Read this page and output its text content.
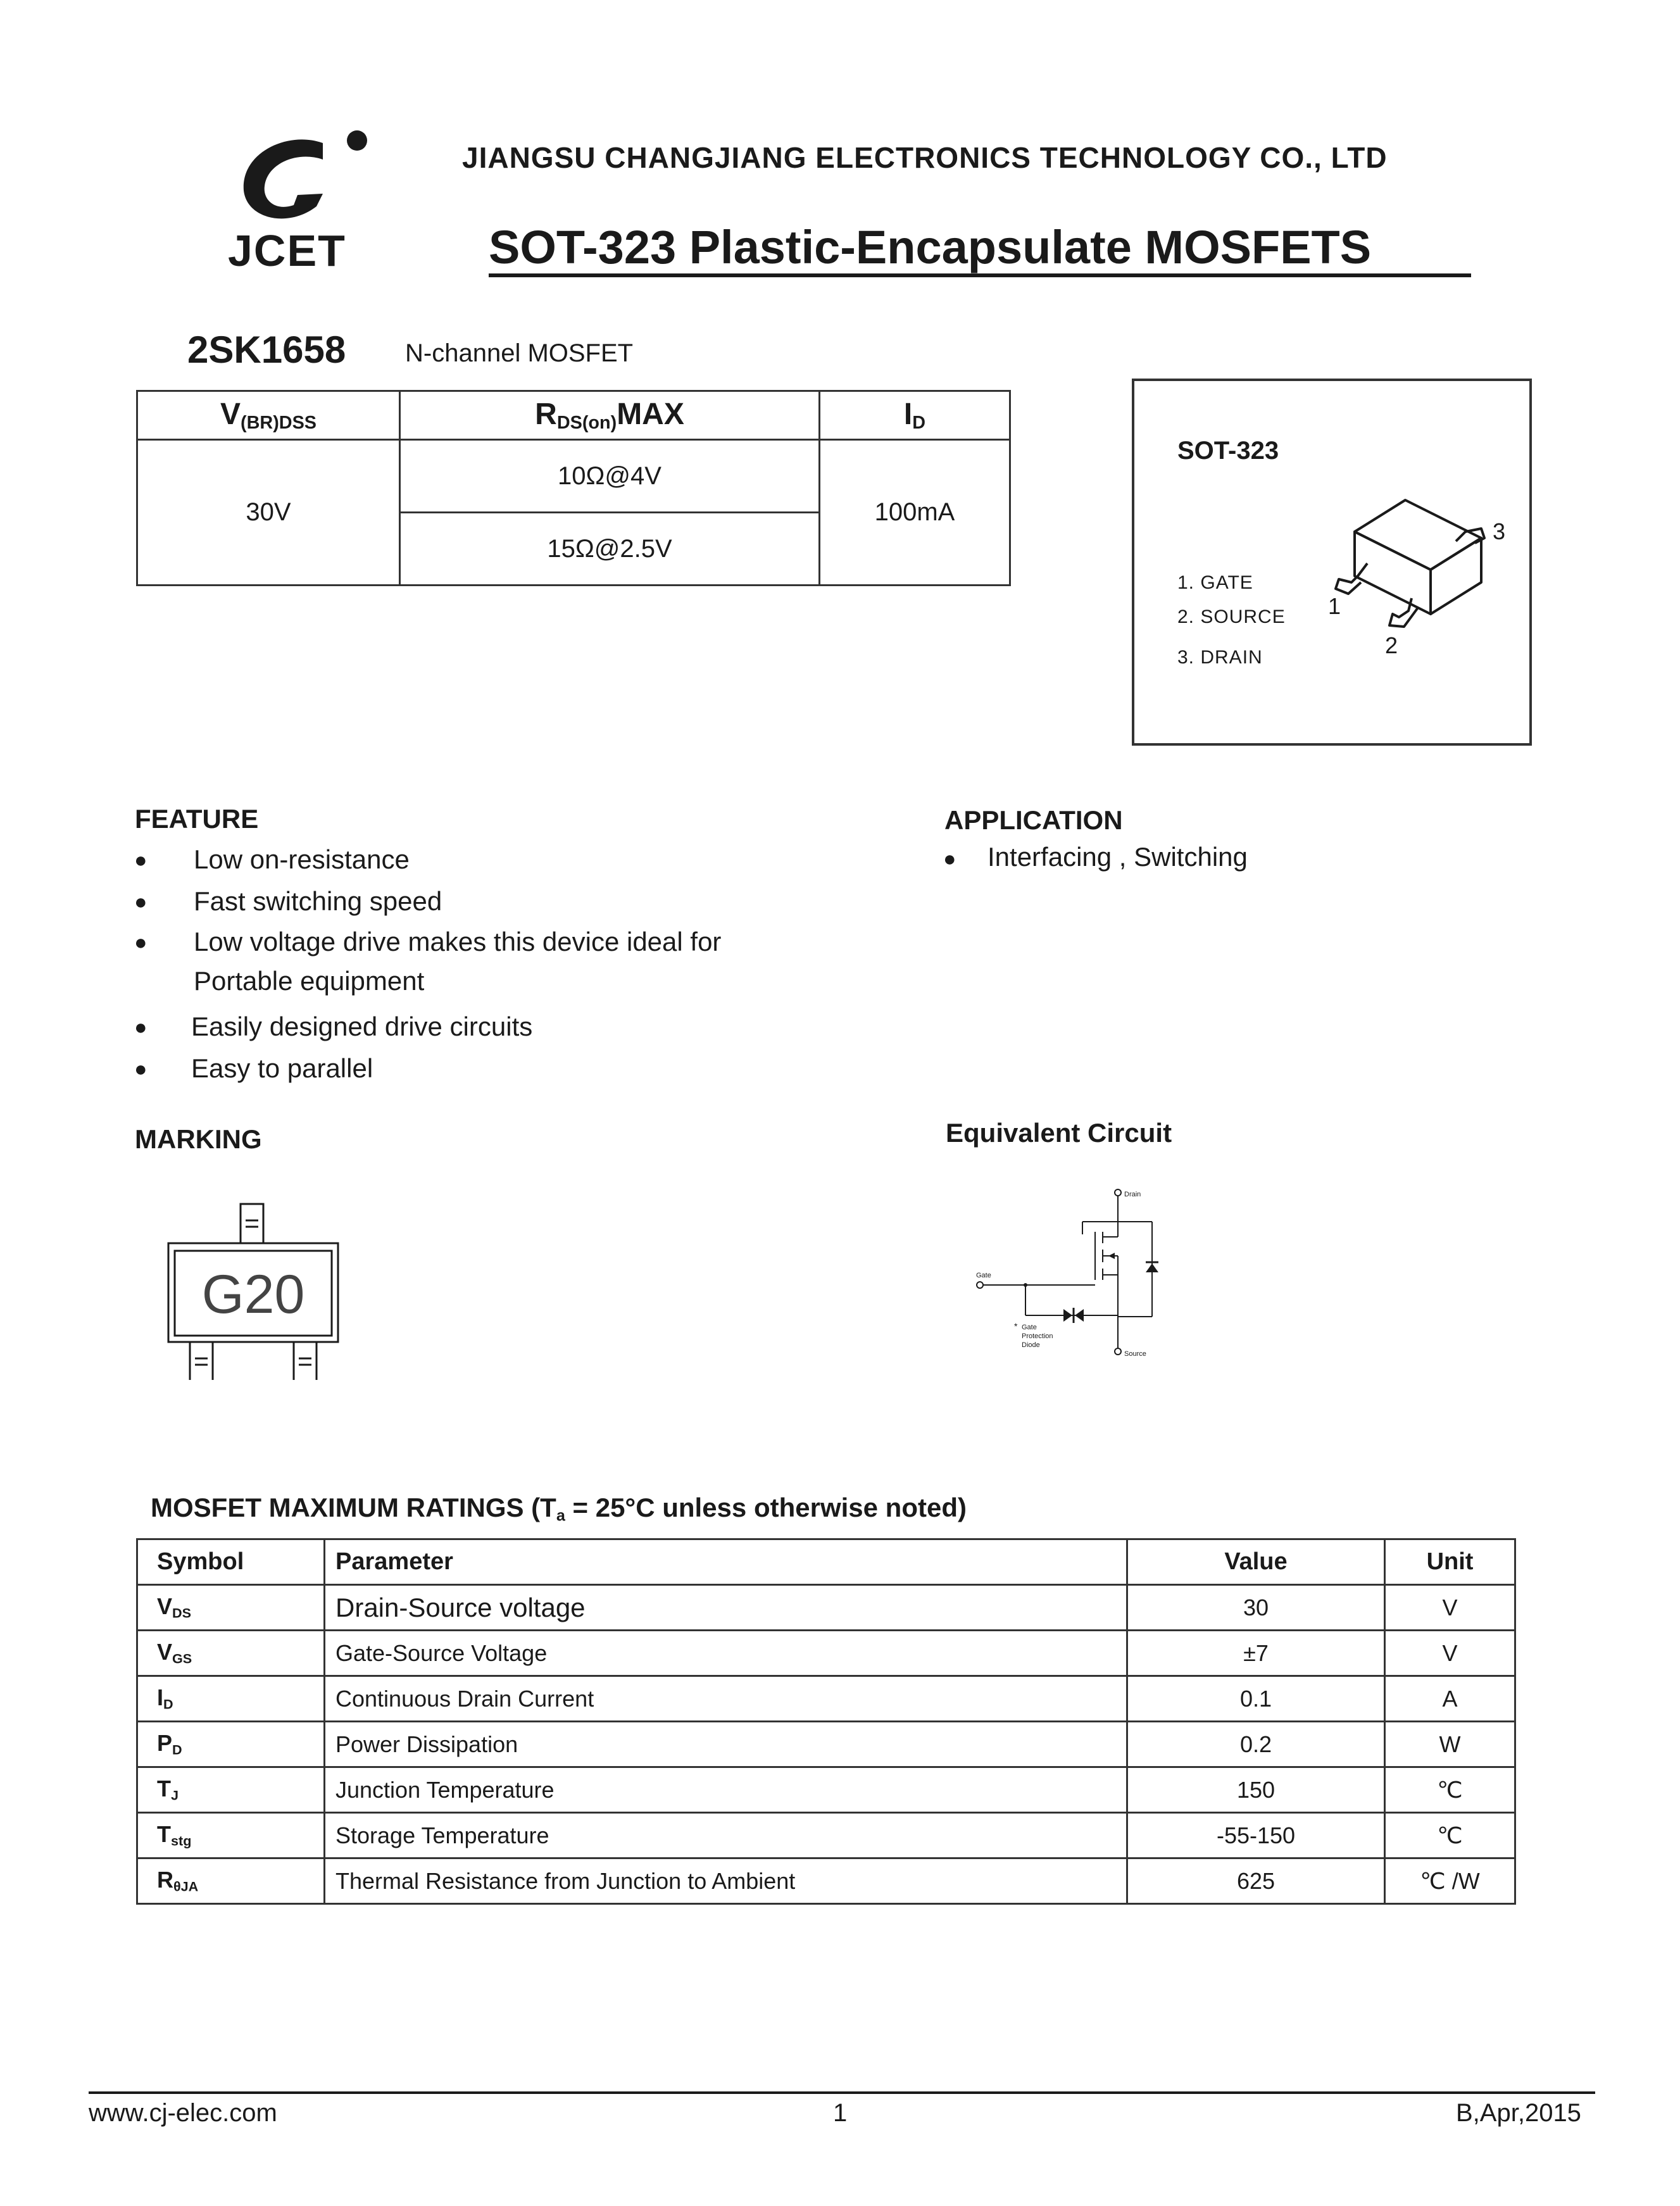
JCET
JIANGSU CHANGJIANG ELECTRONICS TECHNOLOGY CO., LTD
SOT-323 Plastic-Encapsulate MOSFETS
2SK1658 N-channel MOSFET
$V_{(BR)DSS}$	$R_{DS(on)}MAX$	$I_D$
30V	10Ω@4V	100mA
	15Ω@2.5V	
SOT-323
1. GATE
2. SOURCE
3. DRAIN
3
1
2
FEATURE
● Low on-resistance
● Fast switching speed
● Low voltage drive makes this device ideal for
Portable equipment
● Easily designed drive circuits
● Easy to parallel
APPLICATION
● Interfacing , Switching
MARKING
G20
Equivalent Circuit
Drain
Gate
Source
* Gate
Protection
Diode
MOSFET MAXIMUM RATINGS ($T_a = 25^\circ C$ unless otherwise noted)
Symbol	Parameter	Value	Unit
$V_{DS}$	Drain-Source voltage	30	V
$V_{GS}$	Gate-Source Voltage	±7	V
$I_D$	Continuous Drain Current	0.1	A
$P_D$	Power Dissipation	0.2	W
$T_J$	Junction Temperature	150	℃
$T_{stg}$	Storage Temperature	-55-150	℃
$R_{\theta JA}$	Thermal Resistance from Junction to Ambient	625	℃ /W
www.cj-elec.com	1	B,Apr,2015
